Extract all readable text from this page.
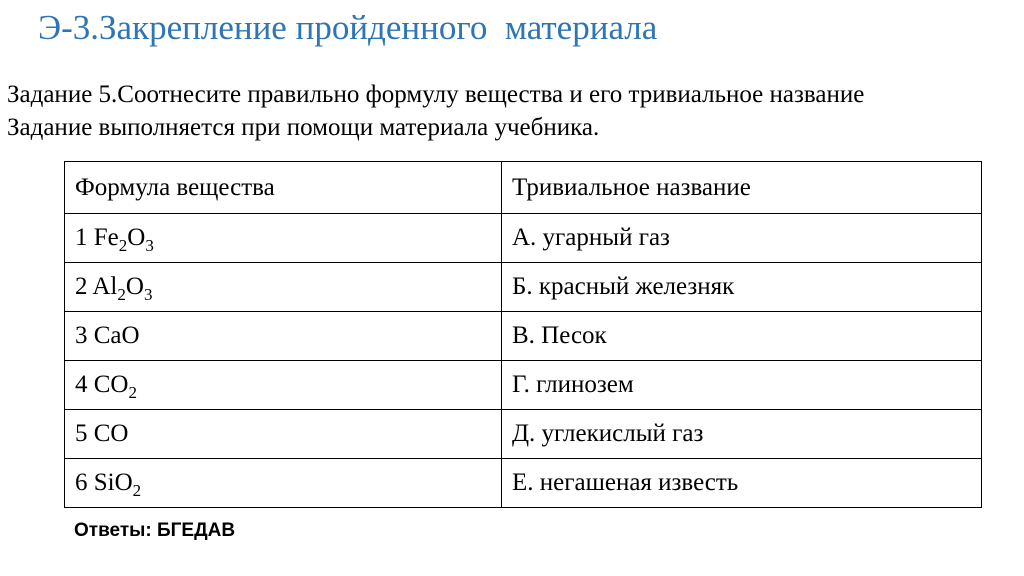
Э-3.Закрепление пройденного  материала
Задание 5.Соотнесите правильно формулу вещества и его тривиальное название
Задание выполняется при помощи материала учебника.
Формула вещества	Тривиальное название
1 $Fe_2O_3$	А. угарный газ
2 $Al_2O_3$	Б. красный железняк
3 CaO	В. Песок
4 $CO_2$	Г. глинозем
5 CO	Д. углекислый газ
6 SiO$_2$	Е. негашеная известь
Ответы: БГЕДАВ
